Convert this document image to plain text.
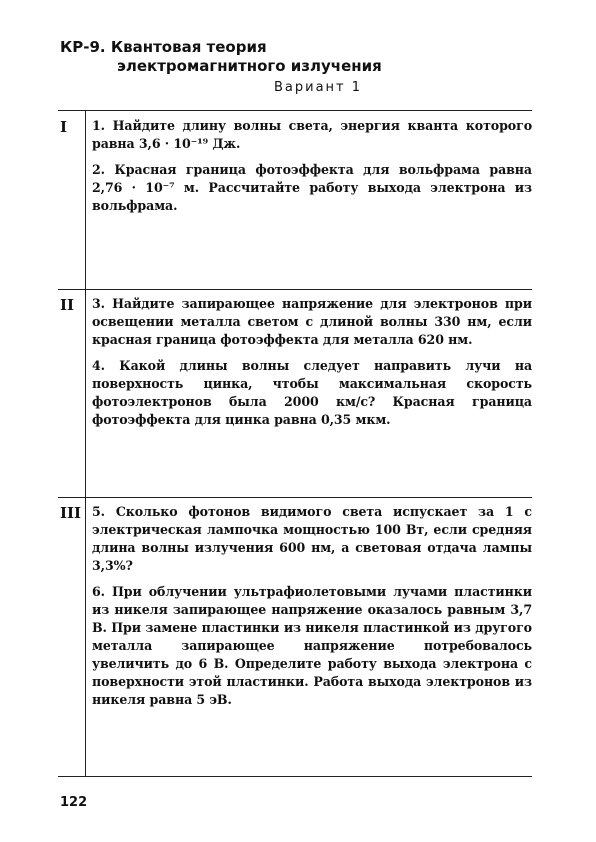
КР-9. Квантовая теория
электромагнитного излучения
Вариант 1
I	1. Найдите длину волны света, энергия кванта которого равна 3,6 · 10⁻¹⁹ Дж.

2. Красная граница фотоэффекта для вольфрама равна 2,76 · 10⁻⁷ м. Рассчитайте работу выхода электрона из вольфрама.

II	3. Найдите запирающее напряжение для электронов при освещении металла светом с длиной волны 330 нм, если красная граница фотоэффекта для металла 620 нм.

4. Какой длины волны следует направить лучи на поверхность цинка, чтобы максимальная скорость фотоэлектронов была 2000 км/с? Красная граница фотоэффекта для цинка равна 0,35 мкм.

III 5. Сколько фотонов видимого света испускает за 1 с электрическая лампочка мощностью 100 Вт, если средняя длина волны излучения 600 нм, а световая отдача лампы 3,3%?

6. При облучении ультрафиолетовыми лучами пластинки из никеля запирающее напряжение оказалось равным 3,7 В. При замене пластинки из никеля пластинкой из другого металла запирающее напряжение потребовалось увеличить до 6 В. Определите работу выхода электрона с поверхности этой пластинки. Работа выхода электронов из никеля равна 5 эВ.

122
